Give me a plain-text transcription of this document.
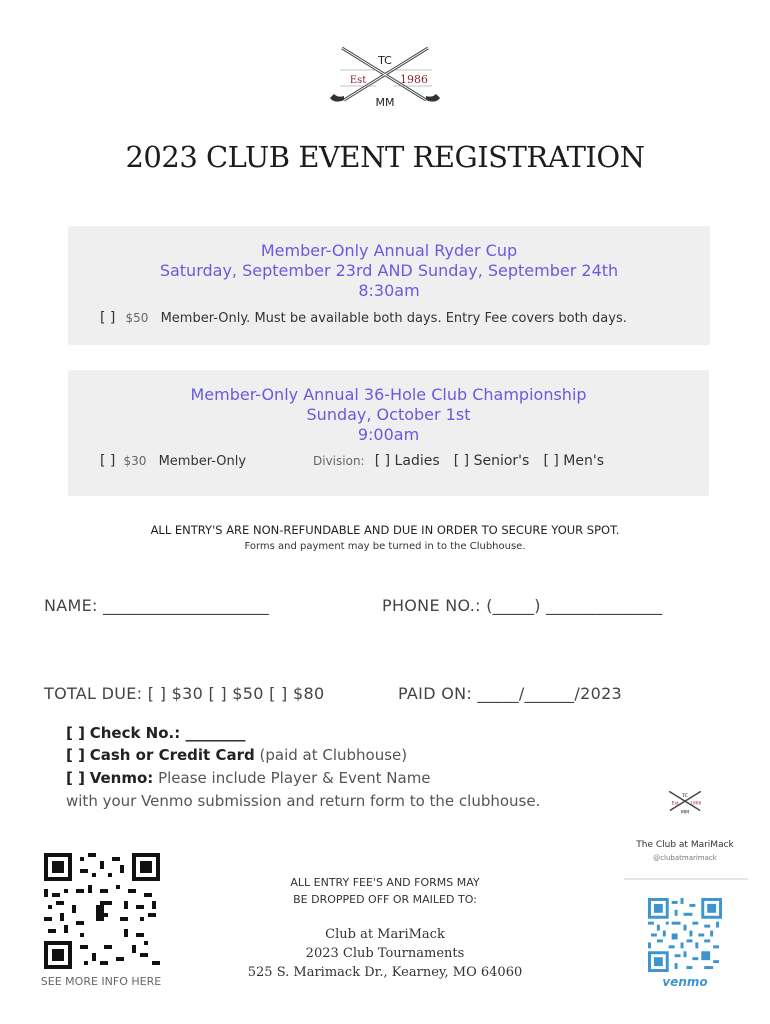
TC
Est	1986
MM
2023 CLUB EVENT REGISTRATION
Member-Only Annual Ryder Cup
Saturday, September 23rd AND Sunday, September 24th
8:30am
[ ] $50 Member-Only. Must be available both days. Entry Fee covers both days.
Member-Only Annual 36-Hole Club Championship
Sunday, October 1st
9:00am
[ ] $30 Member-Only	Division: [ ] Ladies [ ] Senior's [ ] Men's
ALL ENTRY'S ARE NON-REFUNDABLE AND DUE IN ORDER TO SECURE YOUR SPOT.
Forms and payment may be turned in to the Clubhouse.
NAME: ____________________	PHONE NO.: (_____) ______________
TOTAL DUE: [ ] $30 [ ] $50 [ ] $80	PAID ON: _____/______/2023
[ ] Check No.: ________
[ ] Cash or Credit Card (paid at Clubhouse)
[ ] Venmo: Please include Player & Event Name
with your Venmo submission and return form to the clubhouse.
SEE MORE INFO HERE
ALL ENTRY FEE'S AND FORMS MAY
BE DROPPED OFF OR MAILED TO:
Club at MariMack
2023 Club Tournaments
525 S. Marimack Dr., Kearney, MO 64060
TC
Est 1986
MM
The Club at MariMack
@clubatmarimack
venmo
